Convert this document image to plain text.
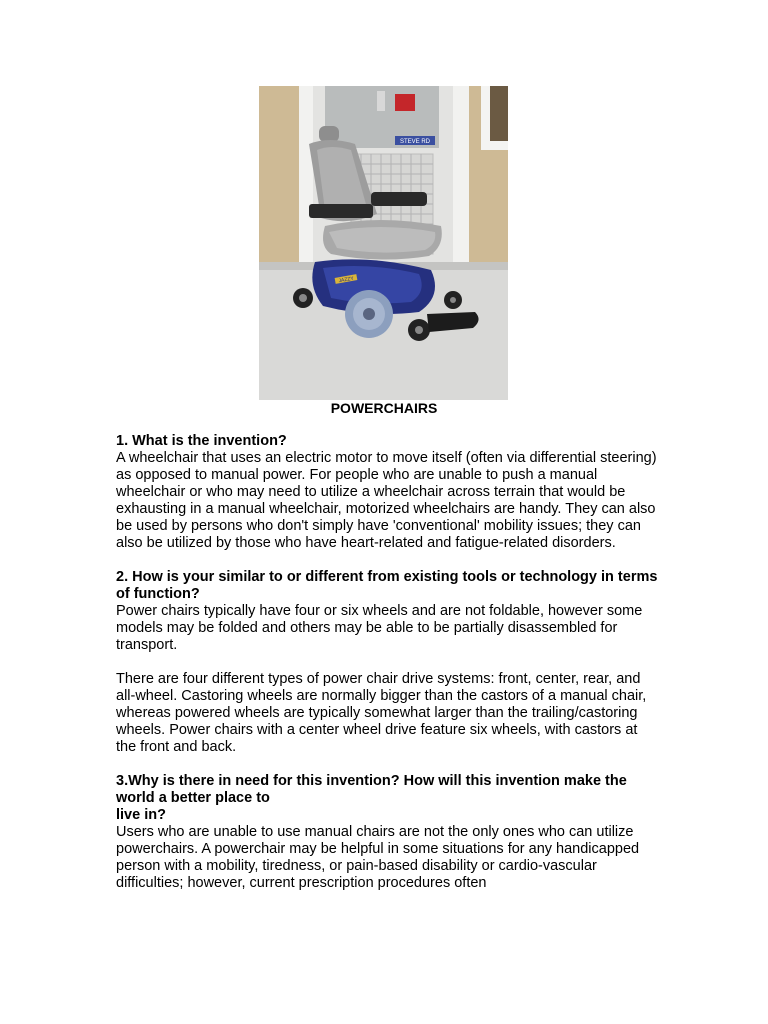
STEVE RD
JAZZY
POWERCHAIRS

1. What is the invention?

A wheelchair that uses an electric motor to move itself (often via differential steering) as opposed to manual power. For people who are unable to push a manual wheelchair or who may need to utilize a wheelchair across terrain that would be exhausting in a manual wheelchair, motorized wheelchairs are handy. They can also be used by persons who don't simply have 'conventional' mobility issues; they can also be utilized by those who have heart-related and fatigue-related disorders.

2. How is your similar to or different from existing tools or technology in terms of function?

Power chairs typically have four or six wheels and are not foldable, however some models may be folded and others may be able to be partially disassembled for transport.

There are four different types of power chair drive systems: front, center, rear, and all-wheel. Castoring wheels are normally bigger than the castors of a manual chair, whereas powered wheels are typically somewhat larger than the trailing/castoring wheels. Power chairs with a center wheel drive feature six wheels, with castors at the front and back.

3.Why is there in need for this invention? How will this invention make the world a better place to
live in?

Users who are unable to use manual chairs are not the only ones who can utilize powerchairs. A powerchair may be helpful in some situations for any handicapped person with a mobility, tiredness, or pain-based disability or cardio-vascular difficulties; however, current prescription procedures often
